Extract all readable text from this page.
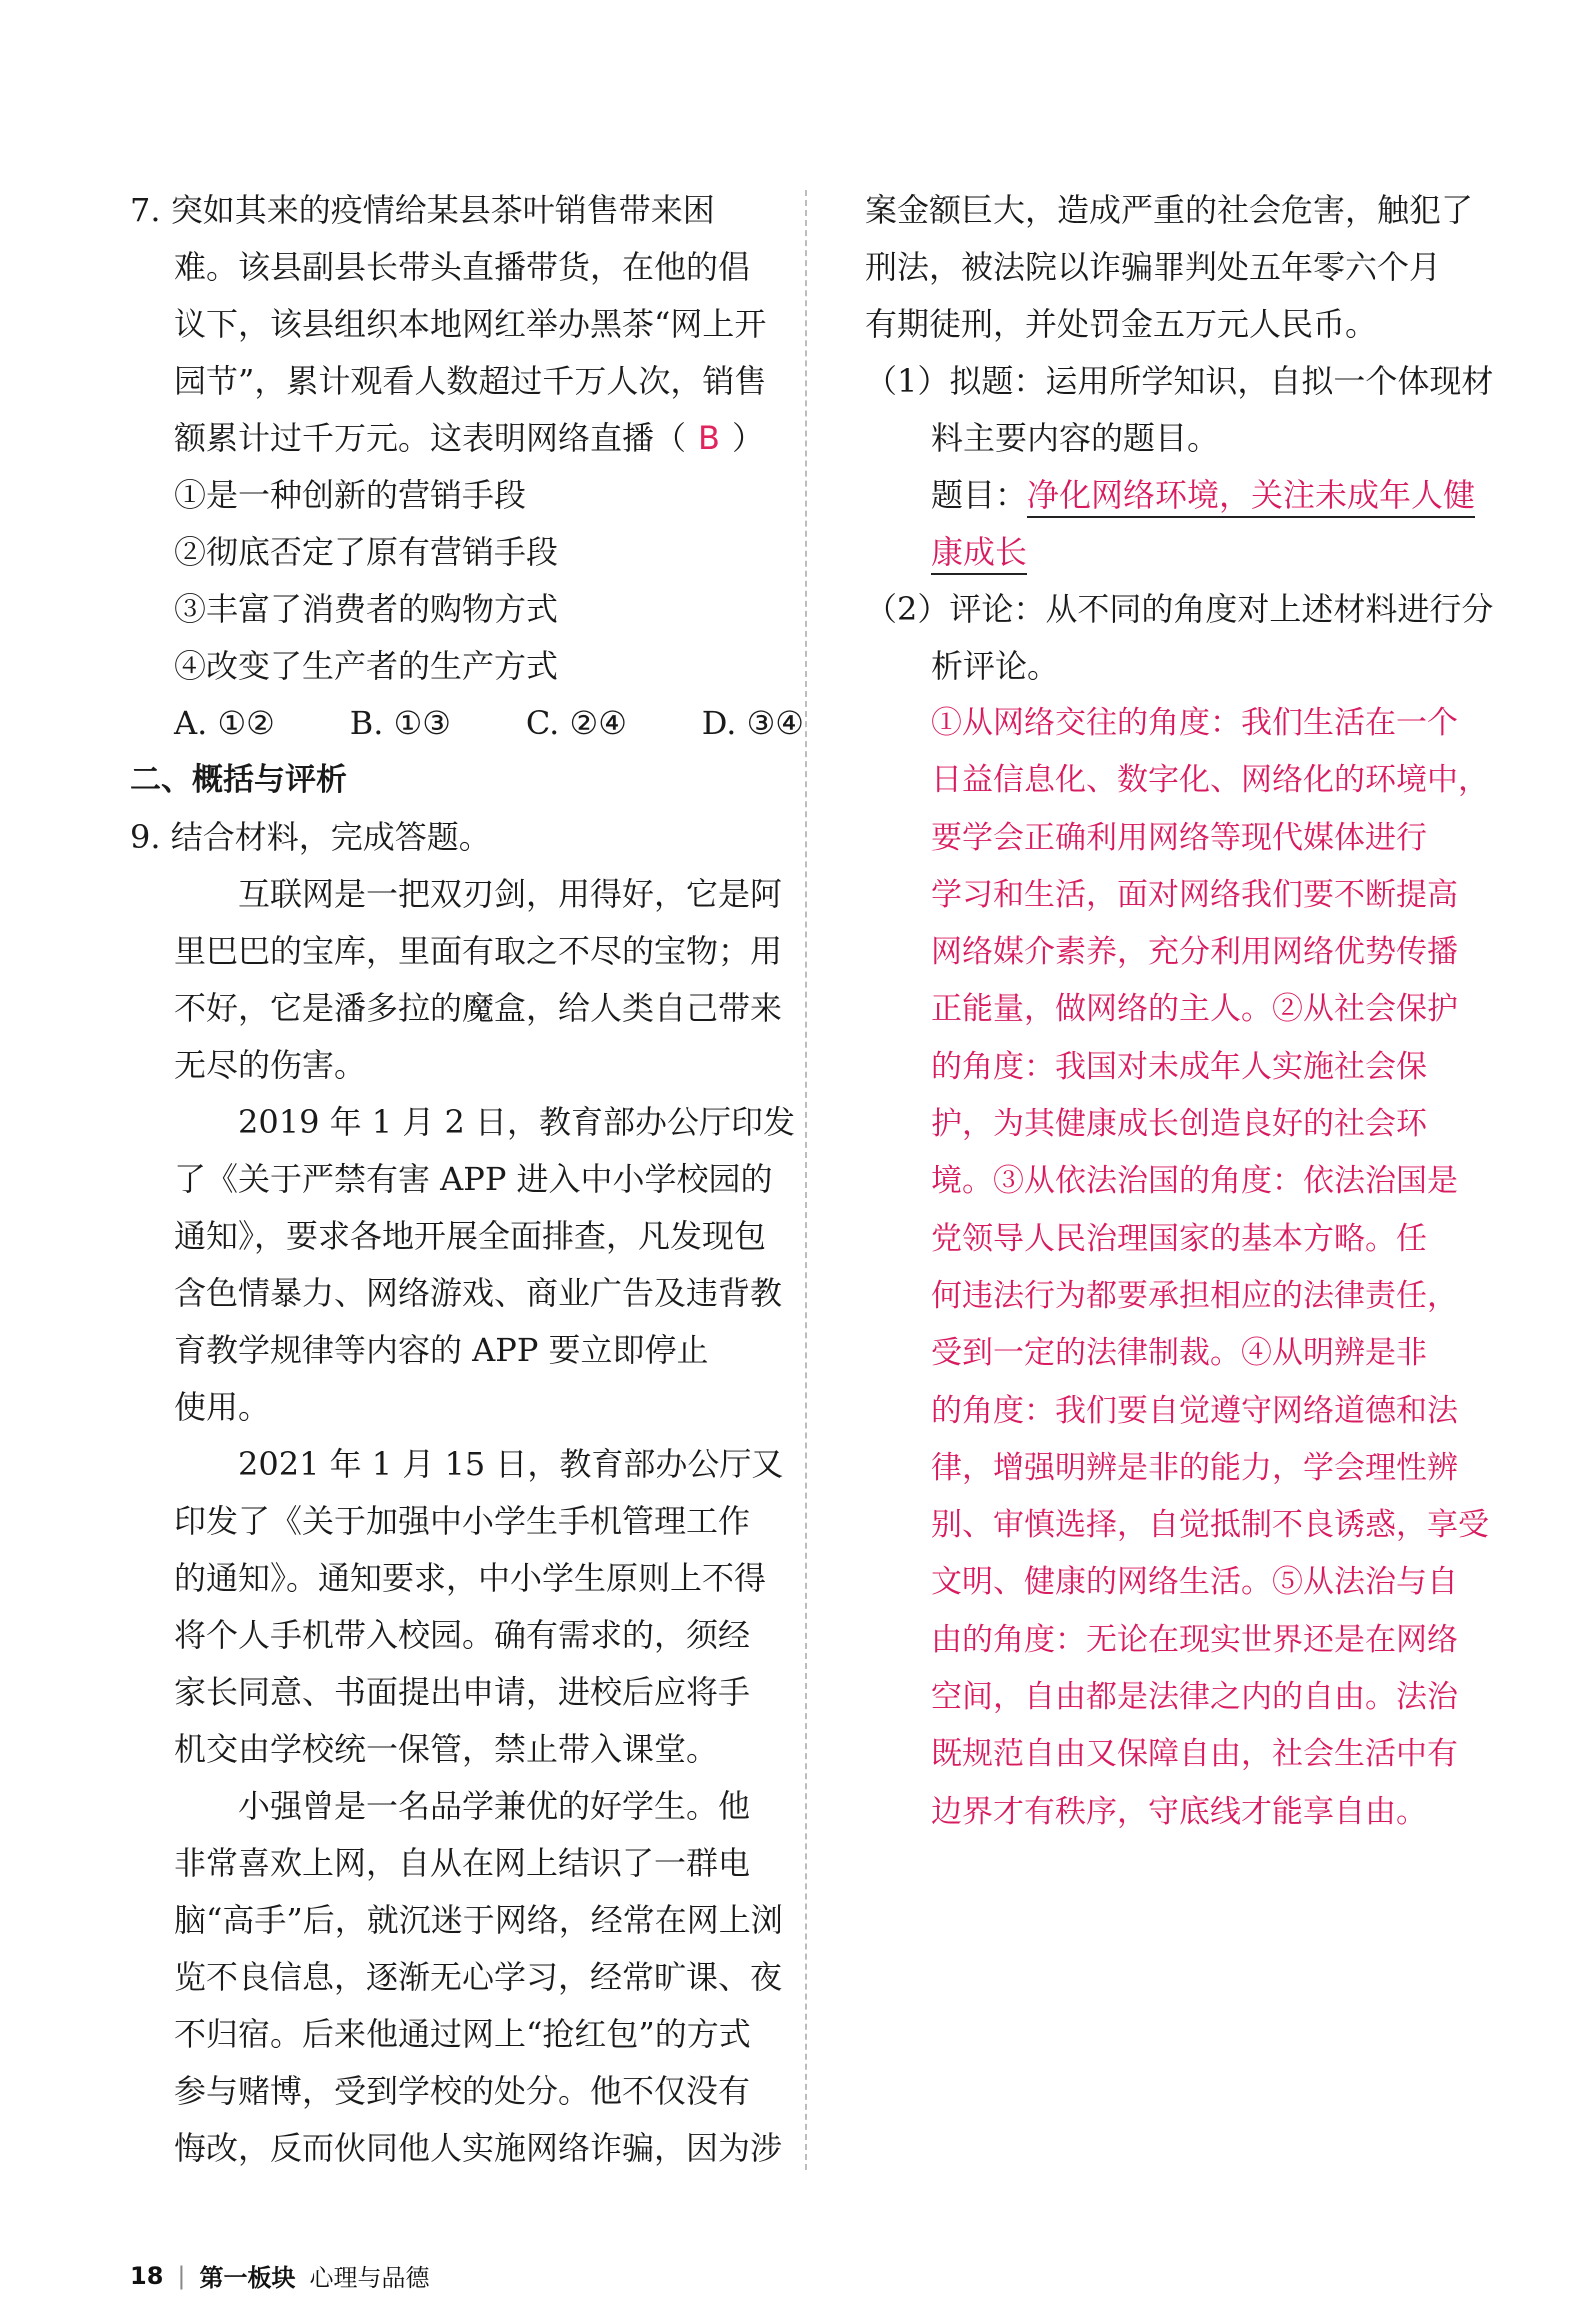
7. 突如其来的疫情给某县茶叶销售带来困
难。该县副县长带头直播带货，在他的倡
议下，该县组织本地网红举办黑茶“网上开
园节”，累计观看人数超过千万人次，销售
额累计过千万元。这表明网络直播（ B ）
①是一种创新的营销手段
②彻底否定了原有营销手段
③丰富了消费者的购物方式
④改变了生产者的生产方式
A. ①② B. ①③ C. ②④ D. ③④
二、概括与评析
9. 结合材料，完成答题。
互联网是一把双刃剑，用得好，它是阿
里巴巴的宝库，里面有取之不尽的宝物；用
不好，它是潘多拉的魔盒，给人类自己带来
无尽的伤害。
2019 年 1 月 2 日，教育部办公厅印发
了《关于严禁有害 APP 进入中小学校园的
通知》，要求各地开展全面排查，凡发现包
含色情暴力、网络游戏、商业广告及违背教
育教学规律等内容的 APP 要立即停止
使用。
2021 年 1 月 15 日，教育部办公厅又
印发了《关于加强中小学生手机管理工作
的通知》。通知要求，中小学生原则上不得
将个人手机带入校园。确有需求的，须经
家长同意、书面提出申请，进校后应将手
机交由学校统一保管，禁止带入课堂。
小强曾是一名品学兼优的好学生。他
非常喜欢上网，自从在网上结识了一群电
脑“高手”后，就沉迷于网络，经常在网上浏
览不良信息，逐渐无心学习，经常旷课、夜
不归宿。后来他通过网上“抢红包”的方式
参与赌博，受到学校的处分。他不仅没有
悔改，反而伙同他人实施网络诈骗，因为涉
案金额巨大，造成严重的社会危害，触犯了
刑法，被法院以诈骗罪判处五年零六个月
有期徒刑，并处罚金五万元人民币。
（1）拟题：运用所学知识，自拟一个体现材
料主要内容的题目。
题目：净化网络环境，关注未成年人健
康成长
（2）评论：从不同的角度对上述材料进行分
析评论。
①从网络交往的角度：我们生活在一个
日益信息化、数字化、网络化的环境中，
要学会正确利用网络等现代媒体进行
学习和生活，面对网络我们要不断提高
网络媒介素养，充分利用网络优势传播
正能量，做网络的主人。②从社会保护
的角度：我国对未成年人实施社会保
护，为其健康成长创造良好的社会环
境。③从依法治国的角度：依法治国是
党领导人民治理国家的基本方略。任
何违法行为都要承担相应的法律责任，
受到一定的法律制裁。④从明辨是非
的角度：我们要自觉遵守网络道德和法
律，增强明辨是非的能力，学会理性辨
别、审慎选择，自觉抵制不良诱惑，享受
文明、健康的网络生活。⑤从法治与自
由的角度：无论在现实世界还是在网络
空间，自由都是法律之内的自由。法治
既规范自由又保障自由，社会生活中有
边界才有秩序，守底线才能享自由。
18 | 第一板块 心理与品德
